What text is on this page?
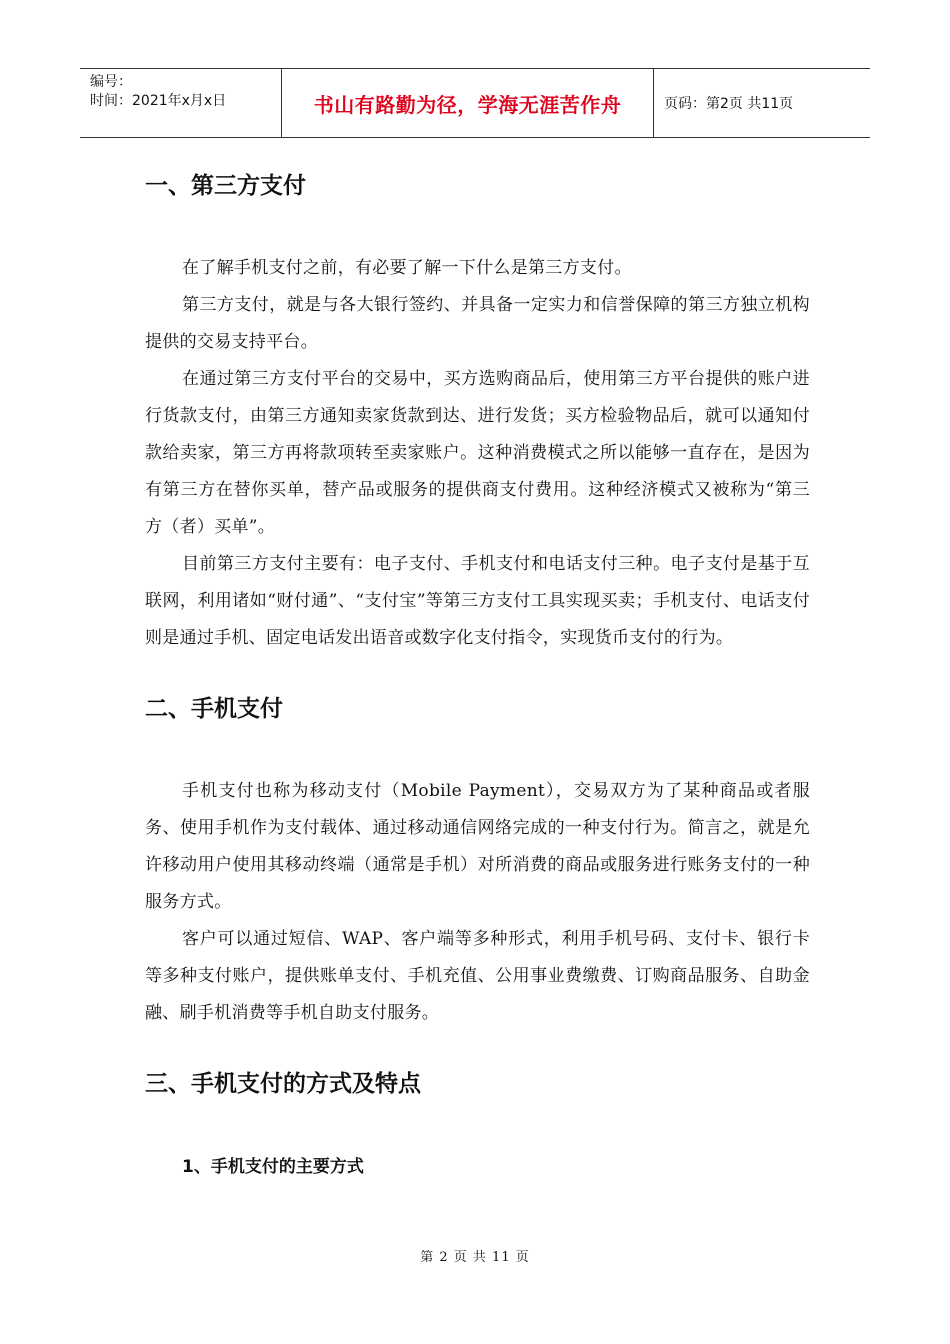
编号：
时间：2021年x月x日	书山有路勤为径，学海无涯苦作舟	页码：第2页 共11页
一、第三方支付

在了解手机支付之前，有必要了解一下什么是第三方支付。

第三方支付，就是与各大银行签约、并具备一定实力和信誉保障的第三方独立机构提供的交易支持平台。

在通过第三方支付平台的交易中，买方选购商品后，使用第三方平台提供的账户进行货款支付，由第三方通知卖家货款到达、进行发货；买方检验物品后，就可以通知付款给卖家，第三方再将款项转至卖家账户。这种消费模式之所以能够一直存在，是因为有第三方在替你买单，替产品或服务的提供商支付费用。这种经济模式又被称为“第三方（者）买单”。

目前第三方支付主要有：电子支付、手机支付和电话支付三种。电子支付是基于互联网，利用诸如“财付通”、“支付宝”等第三方支付工具实现买卖；手机支付、电话支付则是通过手机、固定电话发出语音或数字化支付指令，实现货币支付的行为。

二、手机支付

手机支付也称为移动支付（Mobile Payment），交易双方为了某种商品或者服务、使用手机作为支付载体、通过移动通信网络完成的一种支付行为。简言之，就是允许移动用户使用其移动终端（通常是手机）对所消费的商品或服务进行账务支付的一种服务方式。

客户可以通过短信、WAP、客户端等多种形式，利用手机号码、支付卡、银行卡等多种支付账户，提供账单支付、手机充值、公用事业费缴费、订购商品服务、自助金融、刷手机消费等手机自助支付服务。

三、手机支付的方式及特点
1、手机支付的主要方式
第 2 页 共 11 页
